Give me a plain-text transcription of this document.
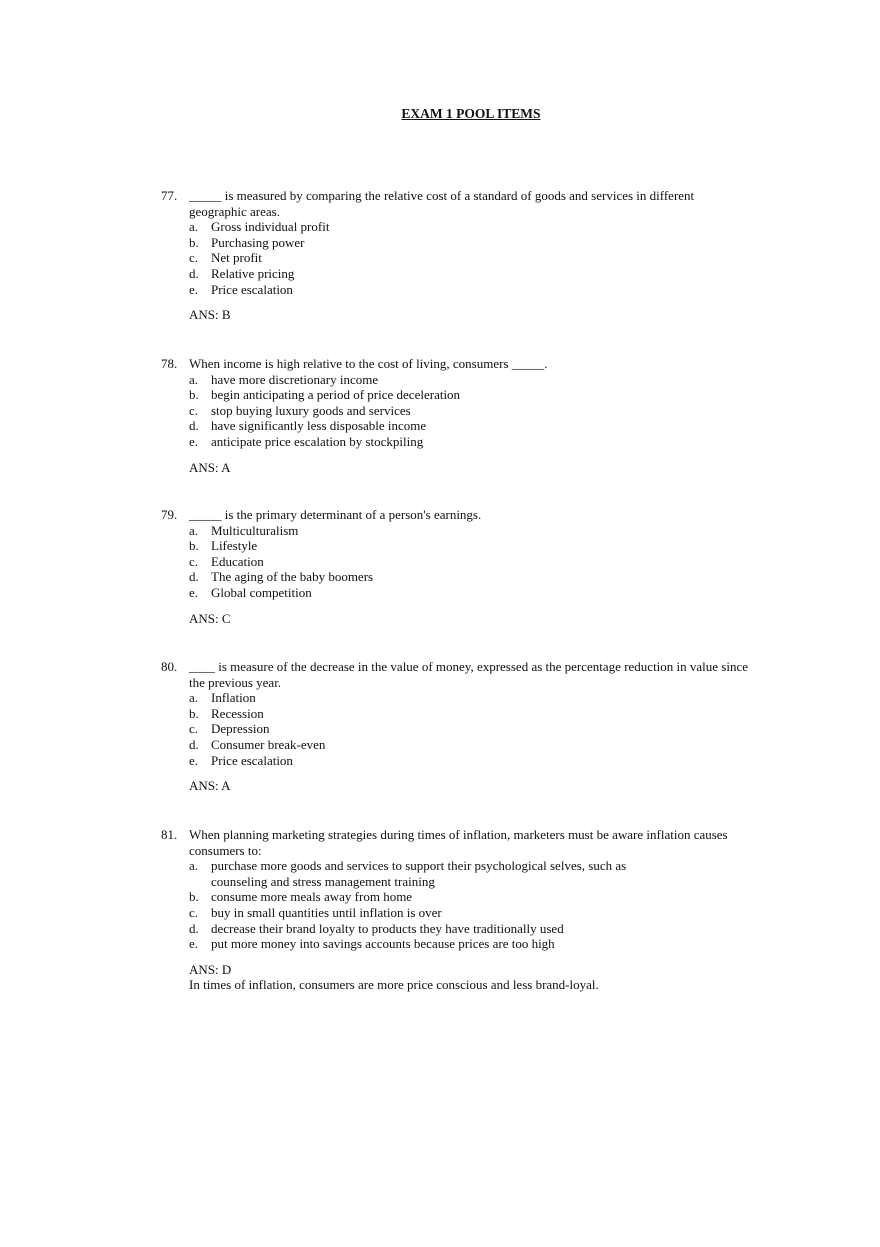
EXAM 1 POOL ITEMS
77. _____ is measured by comparing the relative cost of a standard of goods and services in different geographic areas.
a. Gross individual profit
b. Purchasing power
c. Net profit
d. Relative pricing
e. Price escalation
ANS: B
78. When income is high relative to the cost of living, consumers _____.
a. have more discretionary income
b. begin anticipating a period of price deceleration
c. stop buying luxury goods and services
d. have significantly less disposable income
e. anticipate price escalation by stockpiling
ANS: A
79. _____ is the primary determinant of a person's earnings.
a. Multiculturalism
b. Lifestyle
c. Education
d. The aging of the baby boomers
e. Global competition
ANS: C
80. ____ is measure of the decrease in the value of money, expressed as the percentage reduction in value since the previous year.
a. Inflation
b. Recession
c. Depression
d. Consumer break-even
e. Price escalation
ANS: A
81. When planning marketing strategies during times of inflation, marketers must be aware inflation causes consumers to:
a. purchase more goods and services to support their psychological selves, such as counseling and stress management training
b. consume more meals away from home
c. buy in small quantities until inflation is over
d. decrease their brand loyalty to products they have traditionally used
e. put more money into savings accounts because prices are too high
ANS: D
In times of inflation, consumers are more price conscious and less brand-loyal.
